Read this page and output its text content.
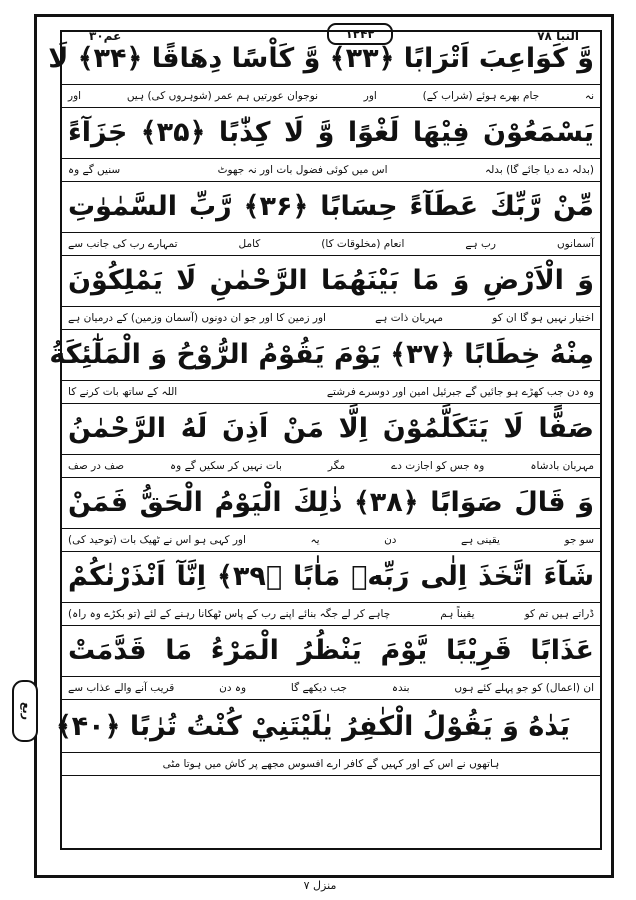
عم۳۰	۱۲۴۲	النبا ۷۸
ربع
وَّ كَوَاعِبَ اَتْرَابًا ﴿۳۳﴾ وَّ كَاْسًا دِهَاقًا ﴿۳۴﴾ لَا
نہ
جام بھرے ہوئے (شراب کے)
اور
نوجوان عورتیں ہم عمر (شوہروں کی) ہیں
اور
يَسْمَعُوْنَ فِيْهَا لَغْوًا وَّ لَا كِذّٰبًا ﴿۳۵﴾ جَزَآءً
(بدلہ دے دیا جائے گا) بدلہ
اس میں کوئی فضول بات اور نہ جھوٹ
سنیں گے وہ
مِّنْ رَّبِّكَ عَطَآءً حِسَابًا ﴿۳۶﴾ رَّبِّ السَّمٰوٰتِ
آسمانوں
رب ہے
انعام (مخلوقات کا)
کامل
تمہارے رب کی جانب سے
وَ الْاَرْضِ وَ مَا بَيْنَهُمَا الرَّحْمٰنِ لَا يَمْلِكُوْنَ
اختیار نہیں ہو گا ان کو
مہربان ذات ہے
اور زمین کا اور جو ان دونوں (آسمان وزمین) کے درمیان ہے
مِنْهُ خِطَابًا ﴿۳۷﴾ يَوْمَ يَقُوْمُ الرُّوْحُ وَ الْمَلٰٓئِكَةُ
وہ دن جب کھڑے ہو جائیں گے جبرئیل امین اور دوسرے فرشتے
اللہ کے ساتھ بات کرنے کا
صَفًّا لَا يَتَكَلَّمُوْنَ اِلَّا مَنْ اَذِنَ لَهُ الرَّحْمٰنُ
مہربان بادشاہ
وہ جس کو اجازت دے
مگر
بات نہیں کر سکیں گے وہ
صف در صف
وَ قَالَ صَوَابًا ﴿۳۸﴾ ذٰلِكَ الْيَوْمُ الْحَقُّ فَمَنْ
سو جو
یقینی ہے
دن
یہ
اور کہی ہو اس نے ٹھیک بات (توحید کی)
شَآءَ اتَّخَذَ اِلٰى رَبِّهٖ مَاٰبًا ﴿۳۹﴾ اِنَّآ اَنْذَرْنٰكُمْ
ڈراتے ہیں تم کو
یقیناً ہم
چاہے کر لے جگہ بنائے اپنے رب کے پاس ٹھکانا رہنے کے لئے (تو بکڑے وہ راہ)
عَذَابًا قَرِيْبًا يَّوْمَ يَنْظُرُ الْمَرْءُ مَا قَدَّمَتْ
ان (اعمال) کو جو پہلے کئے ہوں
بندہ
جب دیکھے گا
وہ دن
قریب آنے والے عذاب سے
يَدٰهُ وَ يَقُوْلُ الْكٰفِرُ يٰلَيْتَنِيْ كُنْتُ تُرٰبًا ﴿۴۰﴾
ہاتھوں نے اس کے اور کہیں گے کافر ارے افسوس مجھے پر کاش میں ہوتا مٹی
منزل ۷
